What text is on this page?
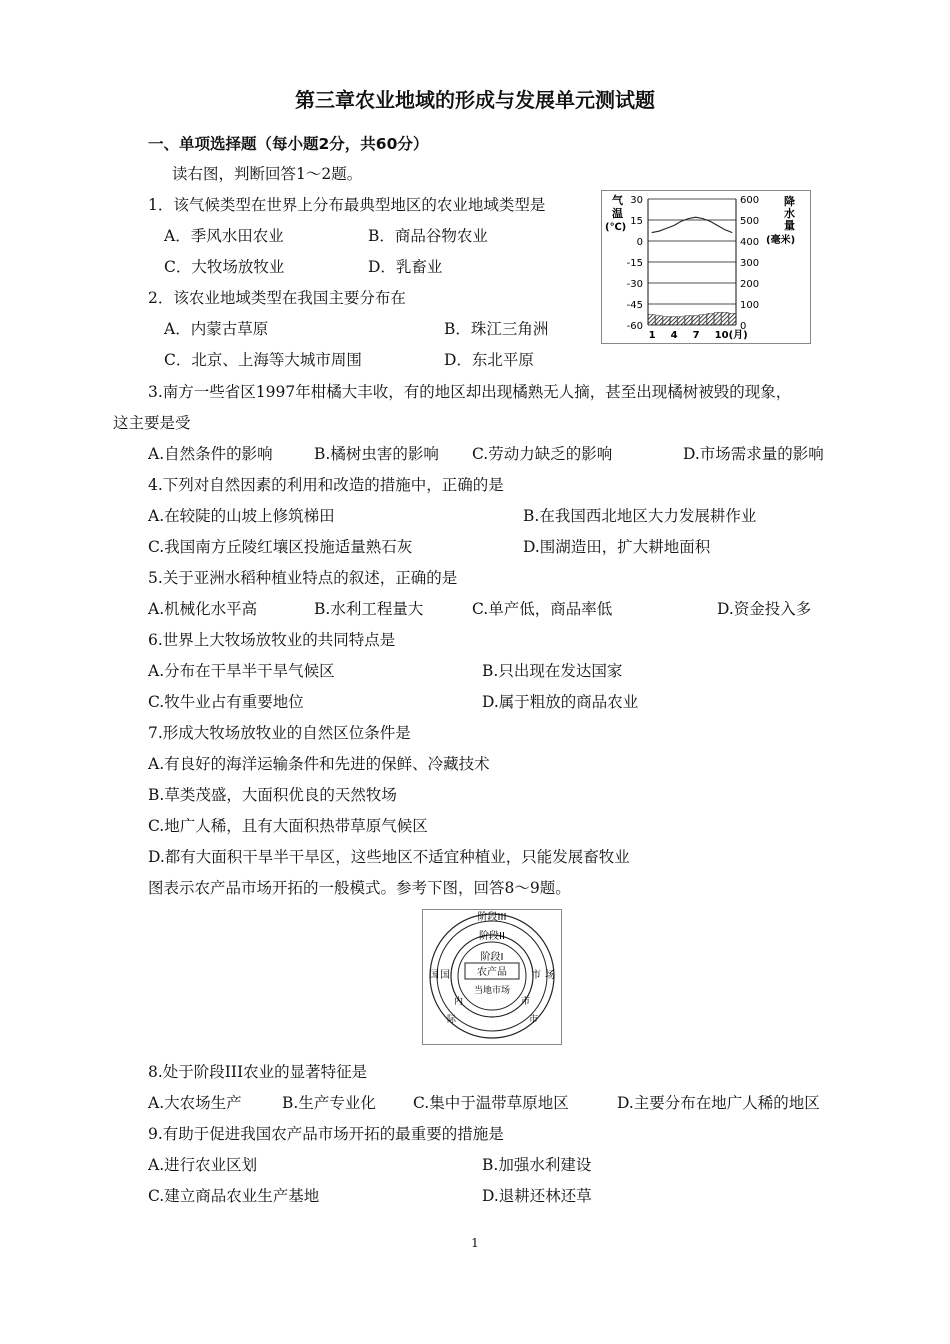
第三章农业地域的形成与发展单元测试题
一、单项选择题（每小题2分，共60分）
读右图，判断回答1～2题。
1．该气候类型在世界上分布最典型地区的农业地域类型是
A．季风水田农业	B．商品谷物农业
C．大牧场放牧业	D．乳畜业
2．该农业地域类型在我国主要分布在
A．内蒙古草原	B．珠江三角洲
C．北京、上海等大城市周围	D．东北平原
气
温
(℃)
降
水
量
(毫米)
30
15
0
-15
-30
-45
-60
600
500
400
300
200
100
0
1 4 7 10(月)
3.南方一些省区1997年柑橘大丰收，有的地区却出现橘熟无人摘，甚至出现橘树被毁的现象，
这主要是受
A.自然条件的影响	B.橘树虫害的影响 C.劳动力缺乏的影响	D.市场需求量的影响
4.下列对自然因素的利用和改造的措施中，正确的是
A.在较陡的山坡上修筑梯田	B.在我国西北地区大力发展耕作业
C.我国南方丘陵红壤区投施适量熟石灰	D.围湖造田，扩大耕地面积
5.关于亚洲水稻种植业特点的叙述，正确的是
A.机械化水平高	B.水利工程量大	C.单产低，商品率低	D.资金投入多
6.世界上大牧场放牧业的共同特点是
A.分布在干旱半干旱气候区	B.只出现在发达国家
C.牧牛业占有重要地位	D.属于粗放的商品农业
7.形成大牧场放牧业的自然区位条件是
A.有良好的海洋运输条件和先进的保鲜、冷藏技术
B.草类茂盛，大面积优良的天然牧场
C.地广人稀，且有大面积热带草原气候区
D.都有大面积干旱半干旱区，这些地区不适宜种植业，只能发展畜牧业
图表示农产品市场开拓的一般模式。参考下图，回答8～9题。
阶段III
阶段II
阶段I
农产品
当地市场
国 国	市 场
内
际
市
市
8.处于阶段III农业的显著特征是
A.大农场生产	B.生产专业化 C.集中于温带草原地区	D.主要分布在地广人稀的地区
9.有助于促进我国农产品市场开拓的最重要的措施是
A.进行农业区划	B.加强水利建设
C.建立商品农业生产基地	D.退耕还林还草
1
